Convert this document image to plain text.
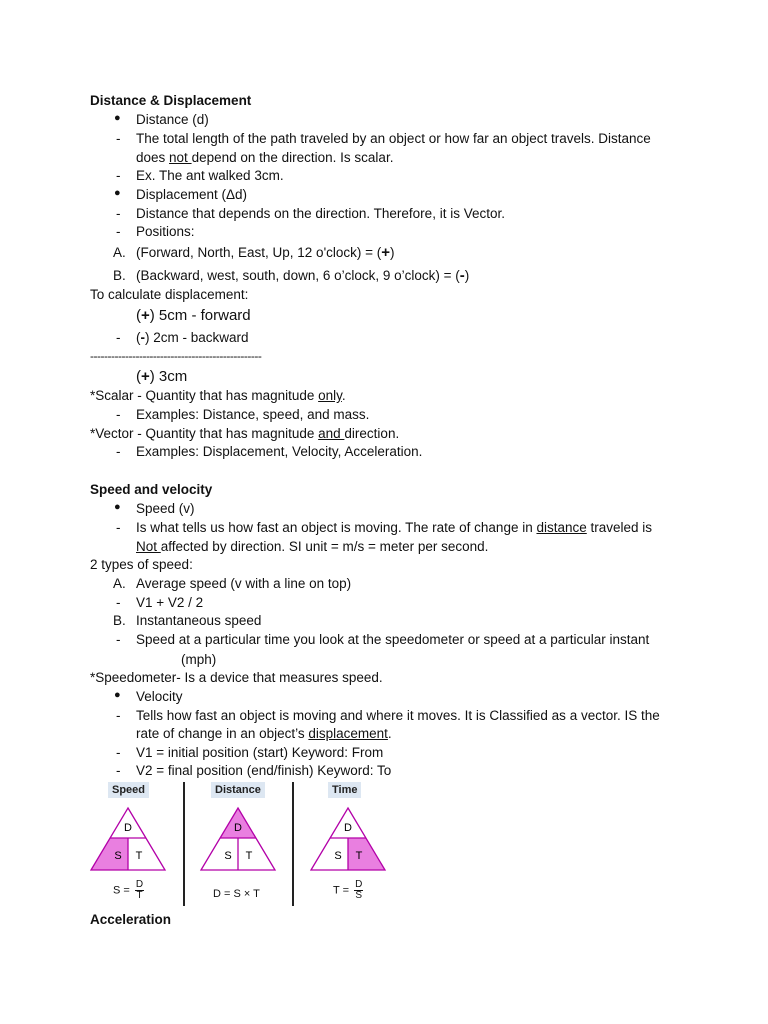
Distance & Displacement
● Distance (d)
- The total length of the path traveled by an object or how far an object travels. Distance
does not depend on the direction. Is scalar.
- Ex. The ant walked 3cm.
● Displacement (Δd)
- Distance that depends on the direction. Therefore, it is Vector.
- Positions:
A. (Forward, North, East, Up, 12 o'clock) = (+)
B. (Backward, west, south, down, 6 o’clock, 9 o’clock) = (-)
To calculate displacement:
(+) 5cm - forward
- (-) 2cm - backward
-------------------------------------------------
(+) 3cm
*Scalar - Quantity that has magnitude only.
- Examples: Distance, speed, and mass.
*Vector - Quantity that has magnitude and direction.
- Examples: Displacement, Velocity, Acceleration.
Speed and velocity
● Speed (v)
- Is what tells us how fast an object is moving. The rate of change in distance traveled is
Not affected by direction. SI unit = m/s = meter per second.
2 types of speed:
A. Average speed (v with a line on top)
- V1 + V2 / 2
B. Instantaneous speed
- Speed at a particular time you look at the speedometer or speed at a particular instant
(mph)
*Speedometer- Is a device that measures speed.
● Velocity
- Tells how fast an object is moving and where it moves. It is Classified as a vector. IS the
rate of change in an object’s displacement.
- V1 = initial position (start) Keyword: From
- V2 = final position (end/finish) Keyword: To
Speed	Distance	Time
D
S T
D
S T
D
S T
$S = \frac{D}{T}$	D = S × T	$T = \frac{D}{S}$
Acceleration
